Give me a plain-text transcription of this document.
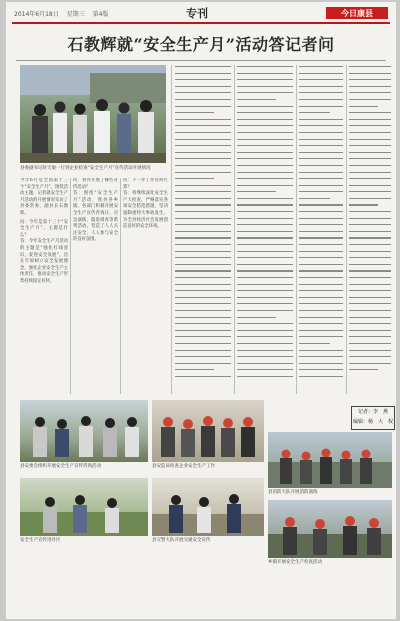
2014年6月18日 星期三 第4版	专刊	今日康县
石教辉就“安全生产月”活动答记者问
县委副书记时天梁一行到企业检查“安全生产月”宣传活动开展情况
今年6月是全国第十三个“安全生产月”。围绕活动主题，记者就安全生产月活动的开展情况采访了县委常委、副县长石教辉。
问：今年是第十三个“安全生产月”，主题是什么？
答：今年安全生产月活动的主题是“强化红线意识，促进安全发展”，旨在牢固树立安全发展理念，强化企业安全生产主体责任，推动安全生产形势持续稳定好转。
问：我县开展了哪些宣传活动？
答：围绕“安全生产月”活动，我县各乡镇、各部门积极开展安全生产宣传咨询日、应急演练、隐患排查等系列活动，营造了人人关注安全、人人参与安全的良好氛围。
问：下一步工作有何打算？
答：将继续深化安全生产大检查，严格落实各项安全防范措施，坚决遏制重特大事故发生，为全县经济社会发展创造良好的安全环境。
记者：李　燕
编辑：杨　大　权
县安委会组织开展安全生产宣传咨询活动	县安监局检查企业安全生产工作
县消防大队开展消防演练
安全生产宣传进社区	县交警大队开展交通安全宣传
乡镇开展安全生产检查活动
